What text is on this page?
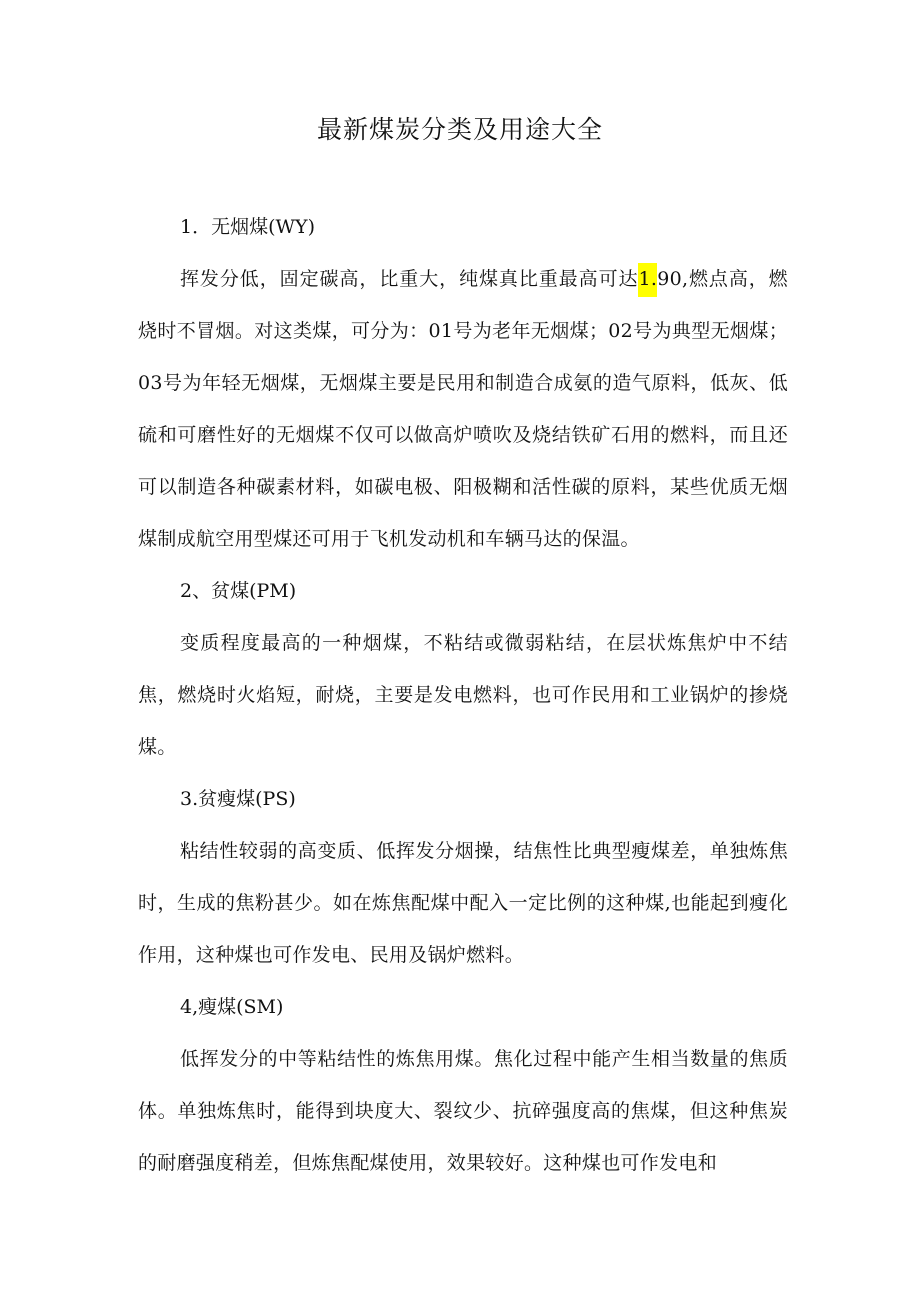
最新煤炭分类及用途大全

1．无烟煤(WY)

挥发分低，固定碳高，比重大，纯煤真比重最高可达1.90,燃点高，燃烧时不冒烟。对这类煤，可分为：01号为老年无烟煤；02号为典型无烟煤；03号为年轻无烟煤，无烟煤主要是民用和制造合成氨的造气原料，低灰、低硫和可磨性好的无烟煤不仅可以做高炉喷吹及烧结铁矿石用的燃料，而且还可以制造各种碳素材料，如碳电极、阳极糊和活性碳的原料，某些优质无烟煤制成航空用型煤还可用于飞机发动机和车辆马达的保温。

2、贫煤(PM)

变质程度最高的一种烟煤，不粘结或微弱粘结，在层状炼焦炉中不结焦，燃烧时火焰短，耐烧，主要是发电燃料，也可作民用和工业锅炉的掺烧煤。

3.贫瘦煤(PS)

粘结性较弱的高变质、低挥发分烟操，结焦性比典型瘦煤差，单独炼焦时，生成的焦粉甚少。如在炼焦配煤中配入一定比例的这种煤,也能起到瘦化作用，这种煤也可作发电、民用及锅炉燃料。

4,瘦煤(SM)

低挥发分的中等粘结性的炼焦用煤。焦化过程中能产生相当数量的焦质体。单独炼焦时，能得到块度大、裂纹少、抗碎强度高的焦煤，但这种焦炭的耐磨强度稍差，但炼焦配煤使用，效果较好。这种煤也可作发电和
